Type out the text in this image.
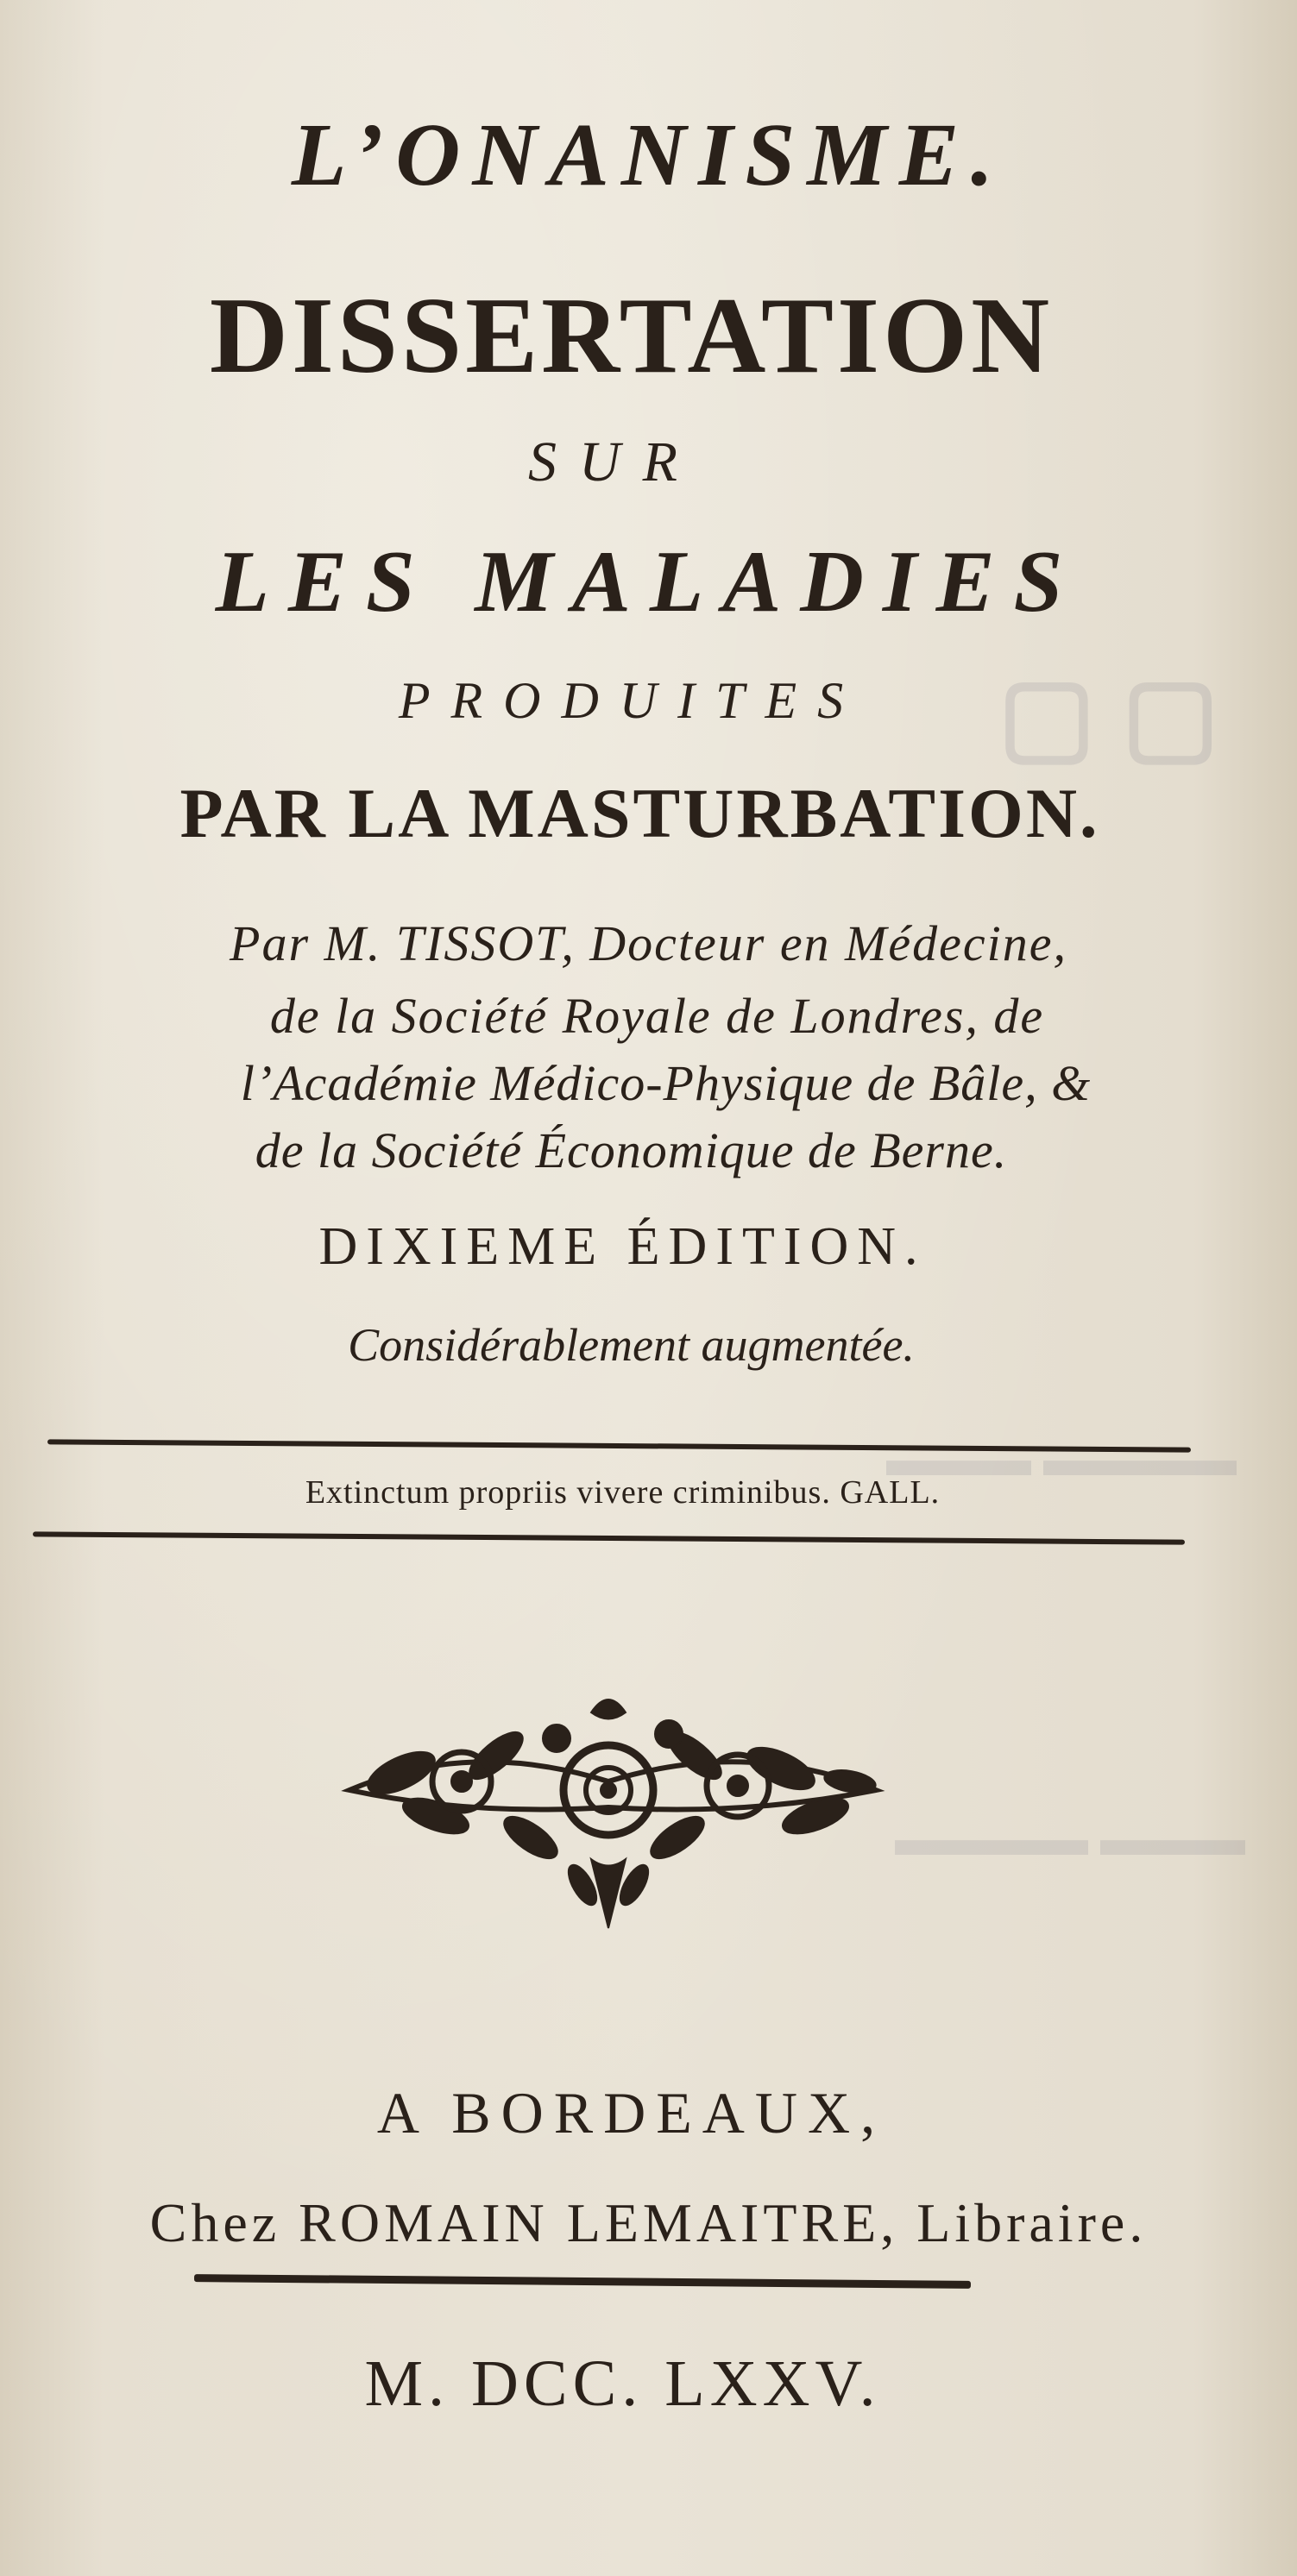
▢ ▢
▬▬▬ ▬▬▬▬
▬▬▬▬ ▬▬▬
L’ONANISME.
DISSERTATION
SUR
LES MALADIES
PRODUITES
PAR LA MASTURBATION.
Par M. TISSOT, Docteur en Médecine,
de la Société Royale de Londres, de
l’Académie Médico-Physique de Bâle, &
de la Société Économique de Berne.
DIXIEME ÉDITION.
Considérablement augmentée.
Extinctum propriis vivere criminibus. GALL.
A BORDEAUX,
Chez ROMAIN LEMAITRE, Libraire.
M. DCC. LXXV.
